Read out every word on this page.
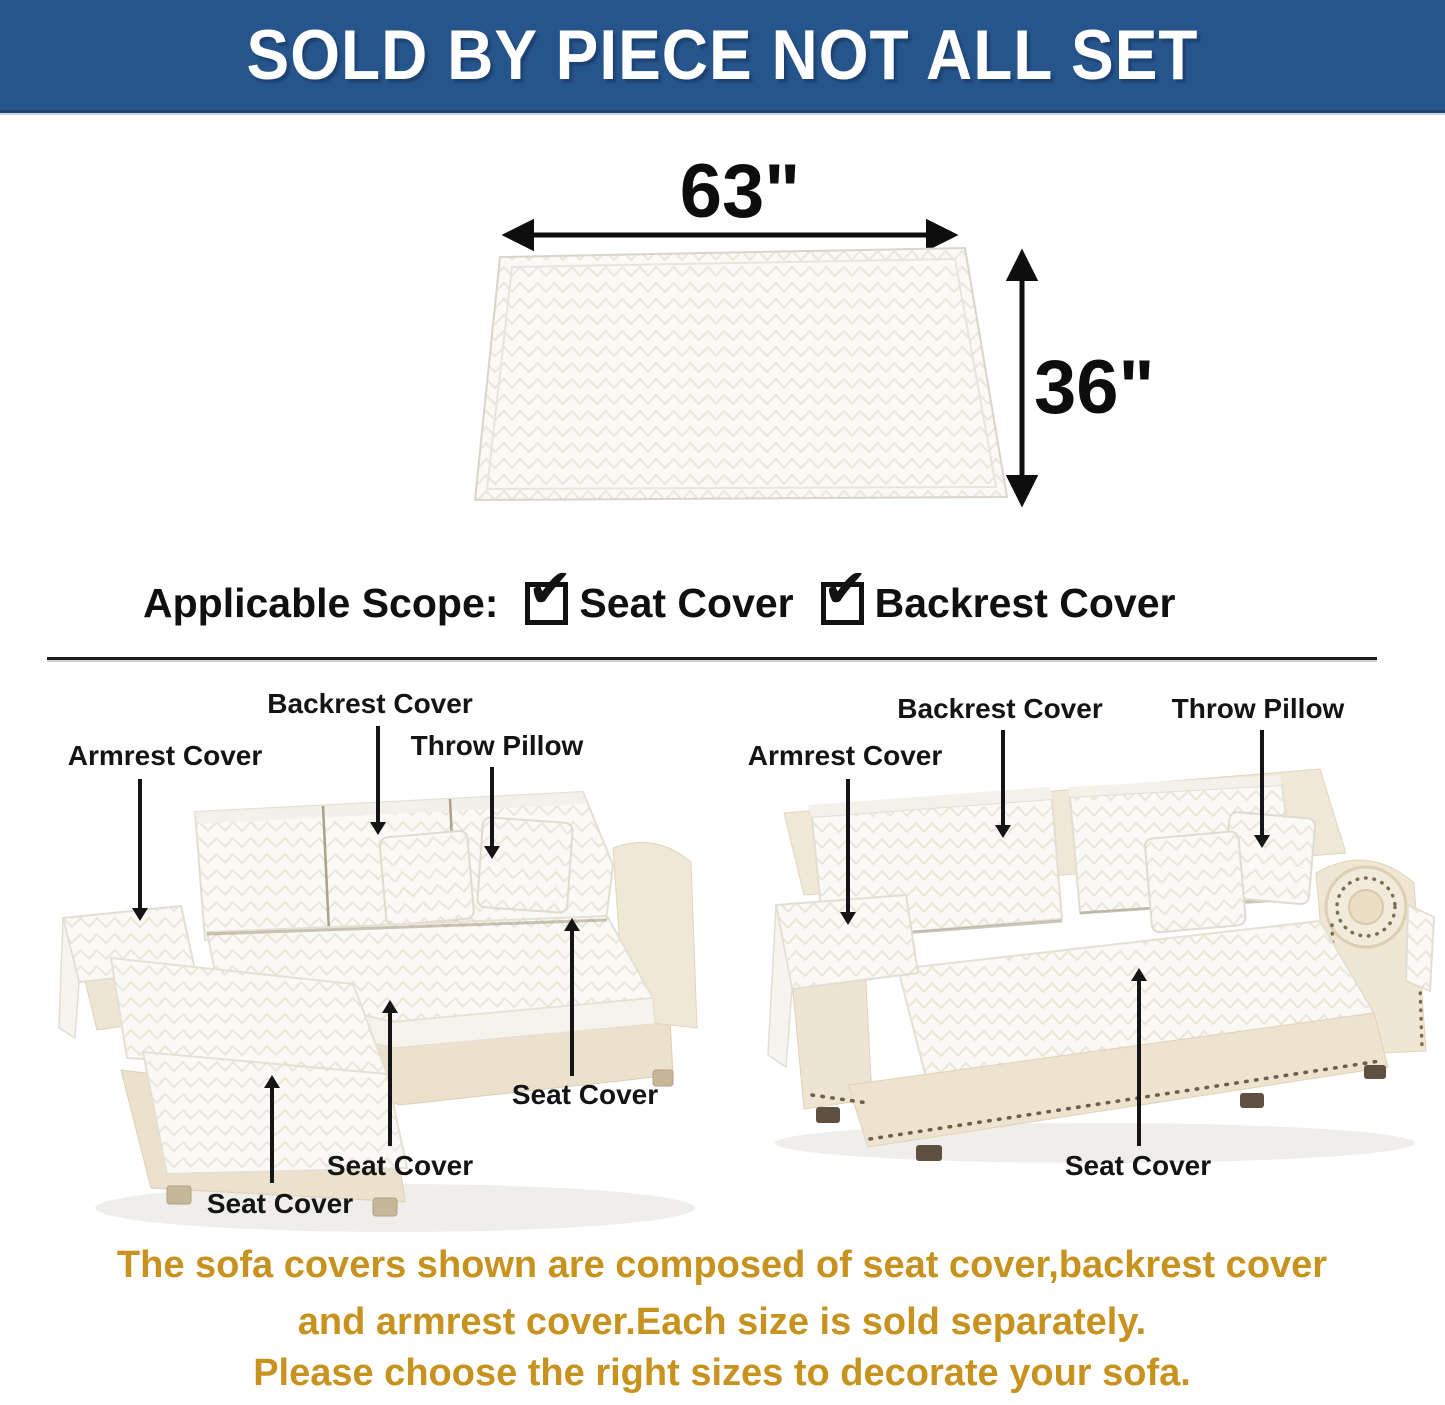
SOLD BY PIECE NOT ALL SET
63"
36"
Applicable Scope: ✔ Seat Cover ✔ Backrest Cover
Backrest Cover
Throw Pillow
Armrest Cover
Seat Cover
Seat Cover
Seat Cover
Backrest Cover Throw Pillow
Armrest Cover
Seat Cover
The sofa covers shown are composed of seat cover,backrest cover
and armrest cover.Each size is sold separately.
Please choose the right sizes to decorate your sofa.
